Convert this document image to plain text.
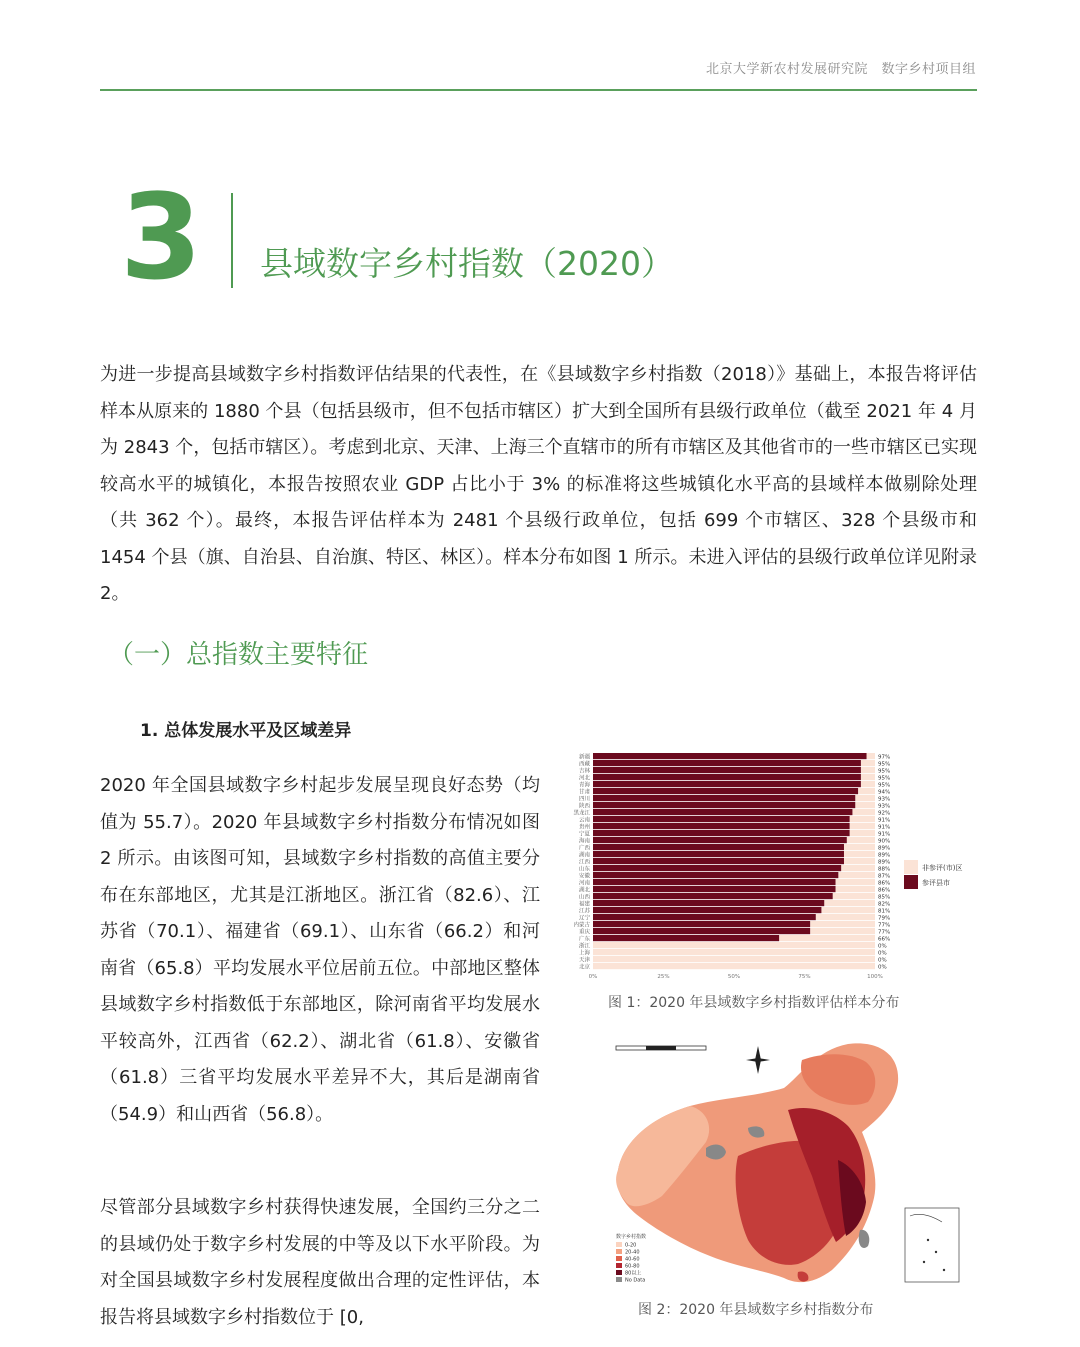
北京大学新农村发展研究院　数字乡村项目组
3 县域数字乡村指数（2020）
为进一步提高县域数字乡村指数评估结果的代表性，在《县域数字乡村指数（2018）》基础上，本报告将评估样本从原来的 1880 个县（包括县级市，但不包括市辖区）扩大到全国所有县级行政单位（截至 2021 年 4 月为 2843 个，包括市辖区）。考虑到北京、天津、上海三个直辖市的所有市辖区及其他省市的一些市辖区已实现较高水平的城镇化，本报告按照农业 GDP 占比小于 3% 的标准将这些城镇化水平高的县域样本做剔除处理（共 362 个）。最终，本报告评估样本为 2481 个县级行政单位，包括 699 个市辖区、328 个县级市和 1454 个县（旗、自治县、自治旗、特区、林区）。样本分布如图 1 所示。未进入评估的县级行政单位详见附录 2。
（一）总指数主要特征
1. 总体发展水平及区域差异
2020 年全国县域数字乡村起步发展呈现良好态势（均值为 55.7）。2020 年县域数字乡村指数分布情况如图 2 所示。由该图可知，县域数字乡村指数的高值主要分布在东部地区，尤其是江浙地区。浙江省（82.6）、江苏省（70.1）、福建省（69.1）、山东省（66.2）和河南省（65.8）平均发展水平位居前五位。中部地区整体县域数字乡村指数低于东部地区，除河南省平均发展水平较高外，江西省（62.2）、湖北省（61.8）、安徽省（61.8）三省平均发展水平差异不大，其后是湖南省（54.9）和山西省（56.8）。
尽管部分县域数字乡村获得快速发展，全国约三分之二的县域仍处于数字乡村发展的中等及以下水平阶段。为对全国县域数字乡村发展程度做出合理的定性评估，本报告将县域数字乡村指数位于 [0,
新疆	97%
西藏	95%
吉林	95%
河北	95%
青海	95%
甘肃	94%
四川	93%
陕西	93%
黑龙江	92%
云南	91%
贵州	91%
宁夏	91%
海南	90%
广西	89%
湖南	89%
江西	89%
山东	88%
安徽	87%
河南	86%
湖北	86%
山西	85%
福建	82%
江苏	81%
辽宁	79%
内蒙古	77%
重庆	77%
广东	66%
浙江	0%
上海	0%
天津	0%
北京	0%
0%	25%	50%	75%	100%
非参评(市)区
参评县市
图 1：2020 年县域数字乡村指数评估样本分布
数字乡村指数
0-20
20-40
40-60
60-80
80以上
No Data
图 2：2020 年县域数字乡村指数分布
